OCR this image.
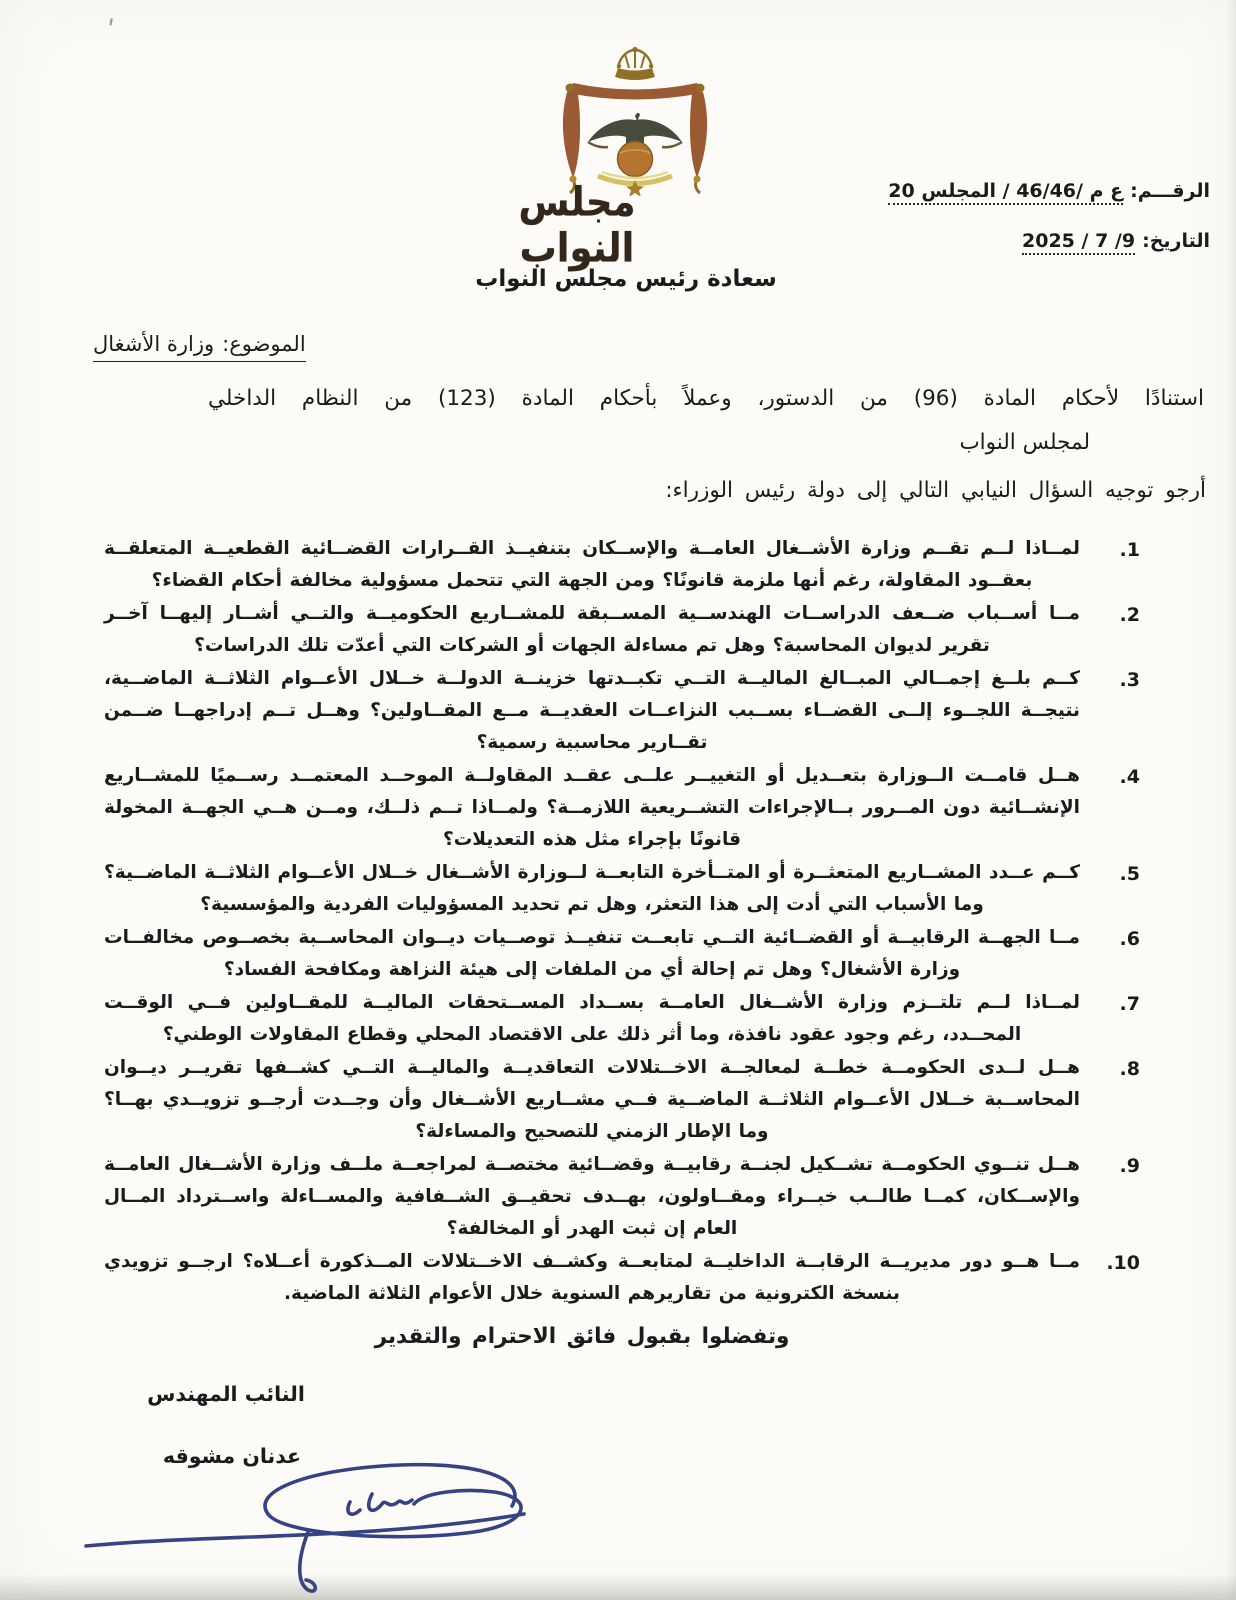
'
مجلس النواب
الرقـــم:ع م /46/46 / المجلس 20
التاريخ:9/ 7 / 2025
سعادة رئيس مجلس النواب
الموضوع:وزارة الأشغال
استنادًا لأحكام المادة (96) من الدستور، وعملاً بأحكام المادة (123) من النظام الداخلي
لمجلس النواب
أرجو توجيه السؤال النيابي التالي إلى دولة رئيس الوزراء:
.1
لمــاذا لــم تقــم وزارة الأشــغال العامــة والإســكان بتنفيــذ القــرارات القضــائية القطعيــة المتعلقــة بعقــود المقاولة، رغم أنها ملزمة قانونًا؟ ومن الجهة التي تتحمل مسؤولية مخالفة أحكام القضاء؟
.2
مــا أســباب ضــعف الدراســات الهندســية المســبقة للمشــاريع الحكوميــة والتــي أشــار إليهــا آخــر تقرير لديوان المحاسبة؟ وهل تم مساءلة الجهات أو الشركات التي أعدّت تلك الدراسات؟
.3
كــم بلــغ إجمــالي المبــالغ الماليــة التــي تكبــدتها خزينــة الدولــة خــلال الأعــوام الثلاثــة الماضــية، نتيجــة اللجــوء إلــى القضــاء بســبب النزاعــات العقديــة مــع المقــاولين؟ وهــل تــم إدراجهــا ضــمن تقــارير محاسبية رسمية؟
.4
هــل قامــت الــوزارة بتعــديل أو التغييــر علــى عقــد المقاولــة الموحــد المعتمــد رســميًا للمشــاريع الإنشــائية دون المــرور بــالإجراءات التشــريعية اللازمــة؟ ولمــاذا تــم ذلــك، ومــن هــي الجهــة المخولة قانونًا بإجراء مثل هذه التعديلات؟
.5
كــم عــدد المشــاريع المتعثــرة أو المتــأخرة التابعــة لــوزارة الأشــغال خــلال الأعــوام الثلاثــة الماضــية؟ وما الأسباب التي أدت إلى هذا التعثر، وهل تم تحديد المسؤوليات الفردية والمؤسسية؟
.6
مــا الجهــة الرقابيــة أو القضــائية التــي تابعــت تنفيــذ توصــيات ديــوان المحاســبة بخصــوص مخالفــات وزارة الأشغال؟ وهل تم إحالة أي من الملفات إلى هيئة النزاهة ومكافحة الفساد؟
.7
لمــاذا لــم تلتــزم وزارة الأشــغال العامــة بســداد المســتحقات الماليــة للمقــاولين فــي الوقــت المحــدد، رغم وجود عقود نافذة، وما أثر ذلك على الاقتصاد المحلي وقطاع المقاولات الوطني؟
.8
هــل لــدى الحكومــة خطــة لمعالجــة الاخــتلالات التعاقديــة والماليــة التــي كشــفها تقريــر ديــوان المحاســبة خــلال الأعــوام الثلاثــة الماضــية فــي مشــاريع الأشــغال وأن وجــدت أرجــو تزويــدي بهــا؟ وما الإطار الزمني للتصحيح والمساءلة؟
.9
هــل تنــوي الحكومــة تشــكيل لجنــة رقابيــة وقضــائية مختصــة لمراجعــة ملــف وزارة الأشــغال العامــة والإســكان، كمــا طالــب خبــراء ومقــاولون، بهــدف تحقيــق الشــفافية والمســاءلة واســترداد المــال العام إن ثبت الهدر أو المخالفة؟
.10
مــا هــو دور مديريــة الرقابــة الداخليــة لمتابعــة وكشــف الاخــتلالات المــذكورة أعــلاه؟ ارجــو تزويدي بنسخة الكترونية من تقاريرهم السنوية خلال الأعوام الثلاثة الماضية.
وتفضلوا بقبول فائق الاحترام والتقدير
النائب المهندس
عدنان مشوقه
